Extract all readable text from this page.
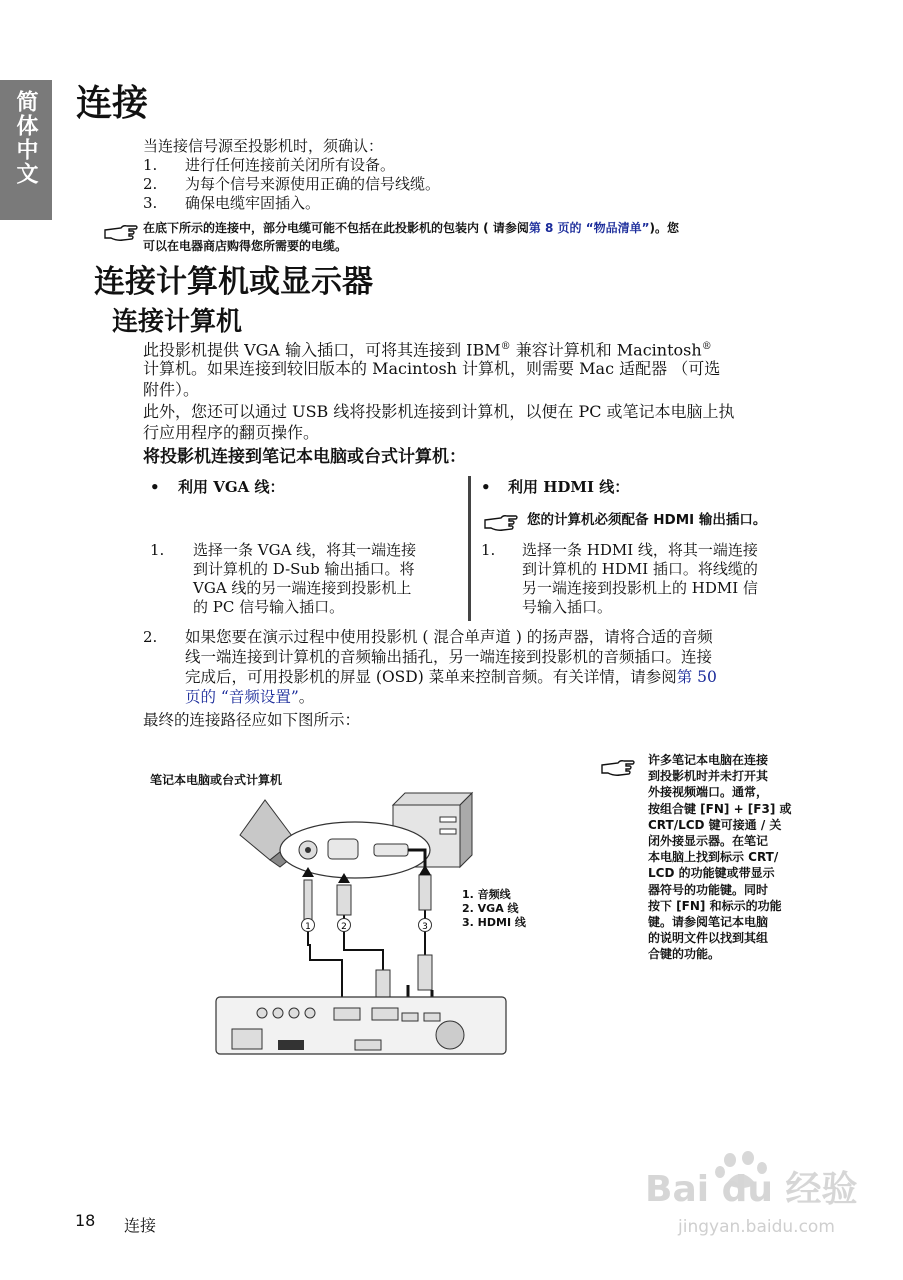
简体中文 连接
当连接信号源至投影机时，须确认：
1. 进行任何连接前关闭所有设备。
2. 为每个信号来源使用正确的信号线缆。
3. 确保电缆牢固插入。
在底下所示的连接中，部分电缆可能不包括在此投影机的包装内 ( 请参阅第 8 页的 “物品清单”)。您
可以在电器商店购得您所需要的电缆。
连接计算机或显示器
连接计算机
此投影机提供 VGA 输入插口，可将其连接到 IBM® 兼容计算机和 Macintosh®
计算机。如果连接到较旧版本的 Macintosh 计算机，则需要 Mac 适配器 （可选
附件）。
此外，您还可以通过 USB 线将投影机连接到计算机，以便在 PC 或笔记本电脑上执
行应用程序的翻页操作。
将投影机连接到笔记本电脑或台式计算机：
• 利用 VGA 线：
1. 选择一条 VGA 线，将其一端连接
到计算机的 D-Sub 输出插口。将
VGA 线的另一端连接到投影机上
的 PC 信号输入插口。
• 利用 HDMI 线：
您的计算机必须配备 HDMI 输出插口。
1. 选择一条 HDMI 线，将其一端连接
到计算机的 HDMI 插口。将线缆的
另一端连接到投影机上的 HDMI 信
号输入插口。
2. 如果您要在演示过程中使用投影机 ( 混合单声道 ) 的扬声器，请将合适的音频
线一端连接到计算机的音频输出插孔，另一端连接到投影机的音频插口。连接
完成后，可用投影机的屏显 (OSD) 菜单来控制音频。有关详情，请参阅第 50
页的 “音频设置”。
最终的连接路径应如下图所示：
笔记本电脑或台式计算机
1	2	3
1. 音频线
2. VGA 线
3. HDMI 线
许多笔记本电脑在连接
到投影机时并未打开其
外接视频端口。通常，
按组合键 [FN] + [F3] 或
CRT/LCD 键可接通 / 关
闭外接显示器。在笔记
本电脑上找到标示 CRT/
LCD 的功能键或带显示
器符号的功能键。同时
按下 [FN] 和标示的功能
键。请参阅笔记本电脑
的说明文件以找到其组
合键的功能。
18 连接
Bai du 经验
jingyan.baidu.com
